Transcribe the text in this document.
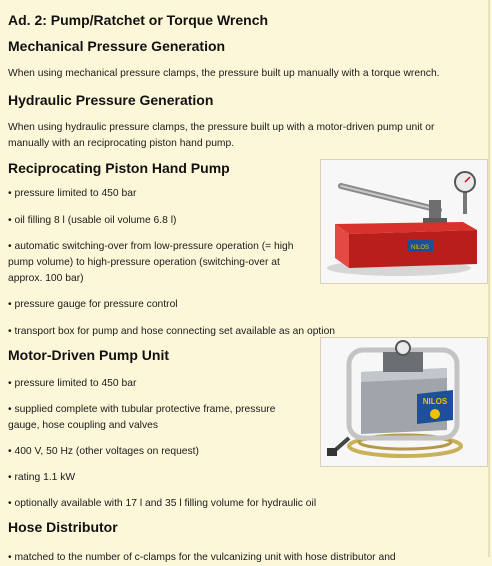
Ad. 2: Pump/Ratchet or Torque Wrench
Mechanical Pressure Generation

When using mechanical pressure clamps, the pressure built up manually with a torque wrench.

Hydraulic Pressure Generation

When using hydraulic pressure clamps, the pressure built up with a motor-driven pump unit or

manually with an reciprocating piston hand pump.

Reciprocating Piston Hand Pump

• pressure limited to 450 bar

• oil filling 8 l (usable oil volume 6.8 l)

• automatic switching-over from low-pressure operation (= high

pump volume) to high-pressure operation (switching-over at

approx. 100 bar)

• pressure gauge for pressure control

• transport box for pump and hose connecting set available as an option

Motor-Driven Pump Unit

• pressure limited to 450 bar

• supplied complete with tubular protective frame, pressure

gauge, hose coupling and valves

• 400 V, 50 Hz (other voltages on request)

• rating 1.1 kW

• optionally available with 17 l and 35 l filling volume for hydraulic oil

Hose Distributor

• matched to the number of c-clamps for the vulcanizing unit with hose distributor and

NILOS
NILOS
